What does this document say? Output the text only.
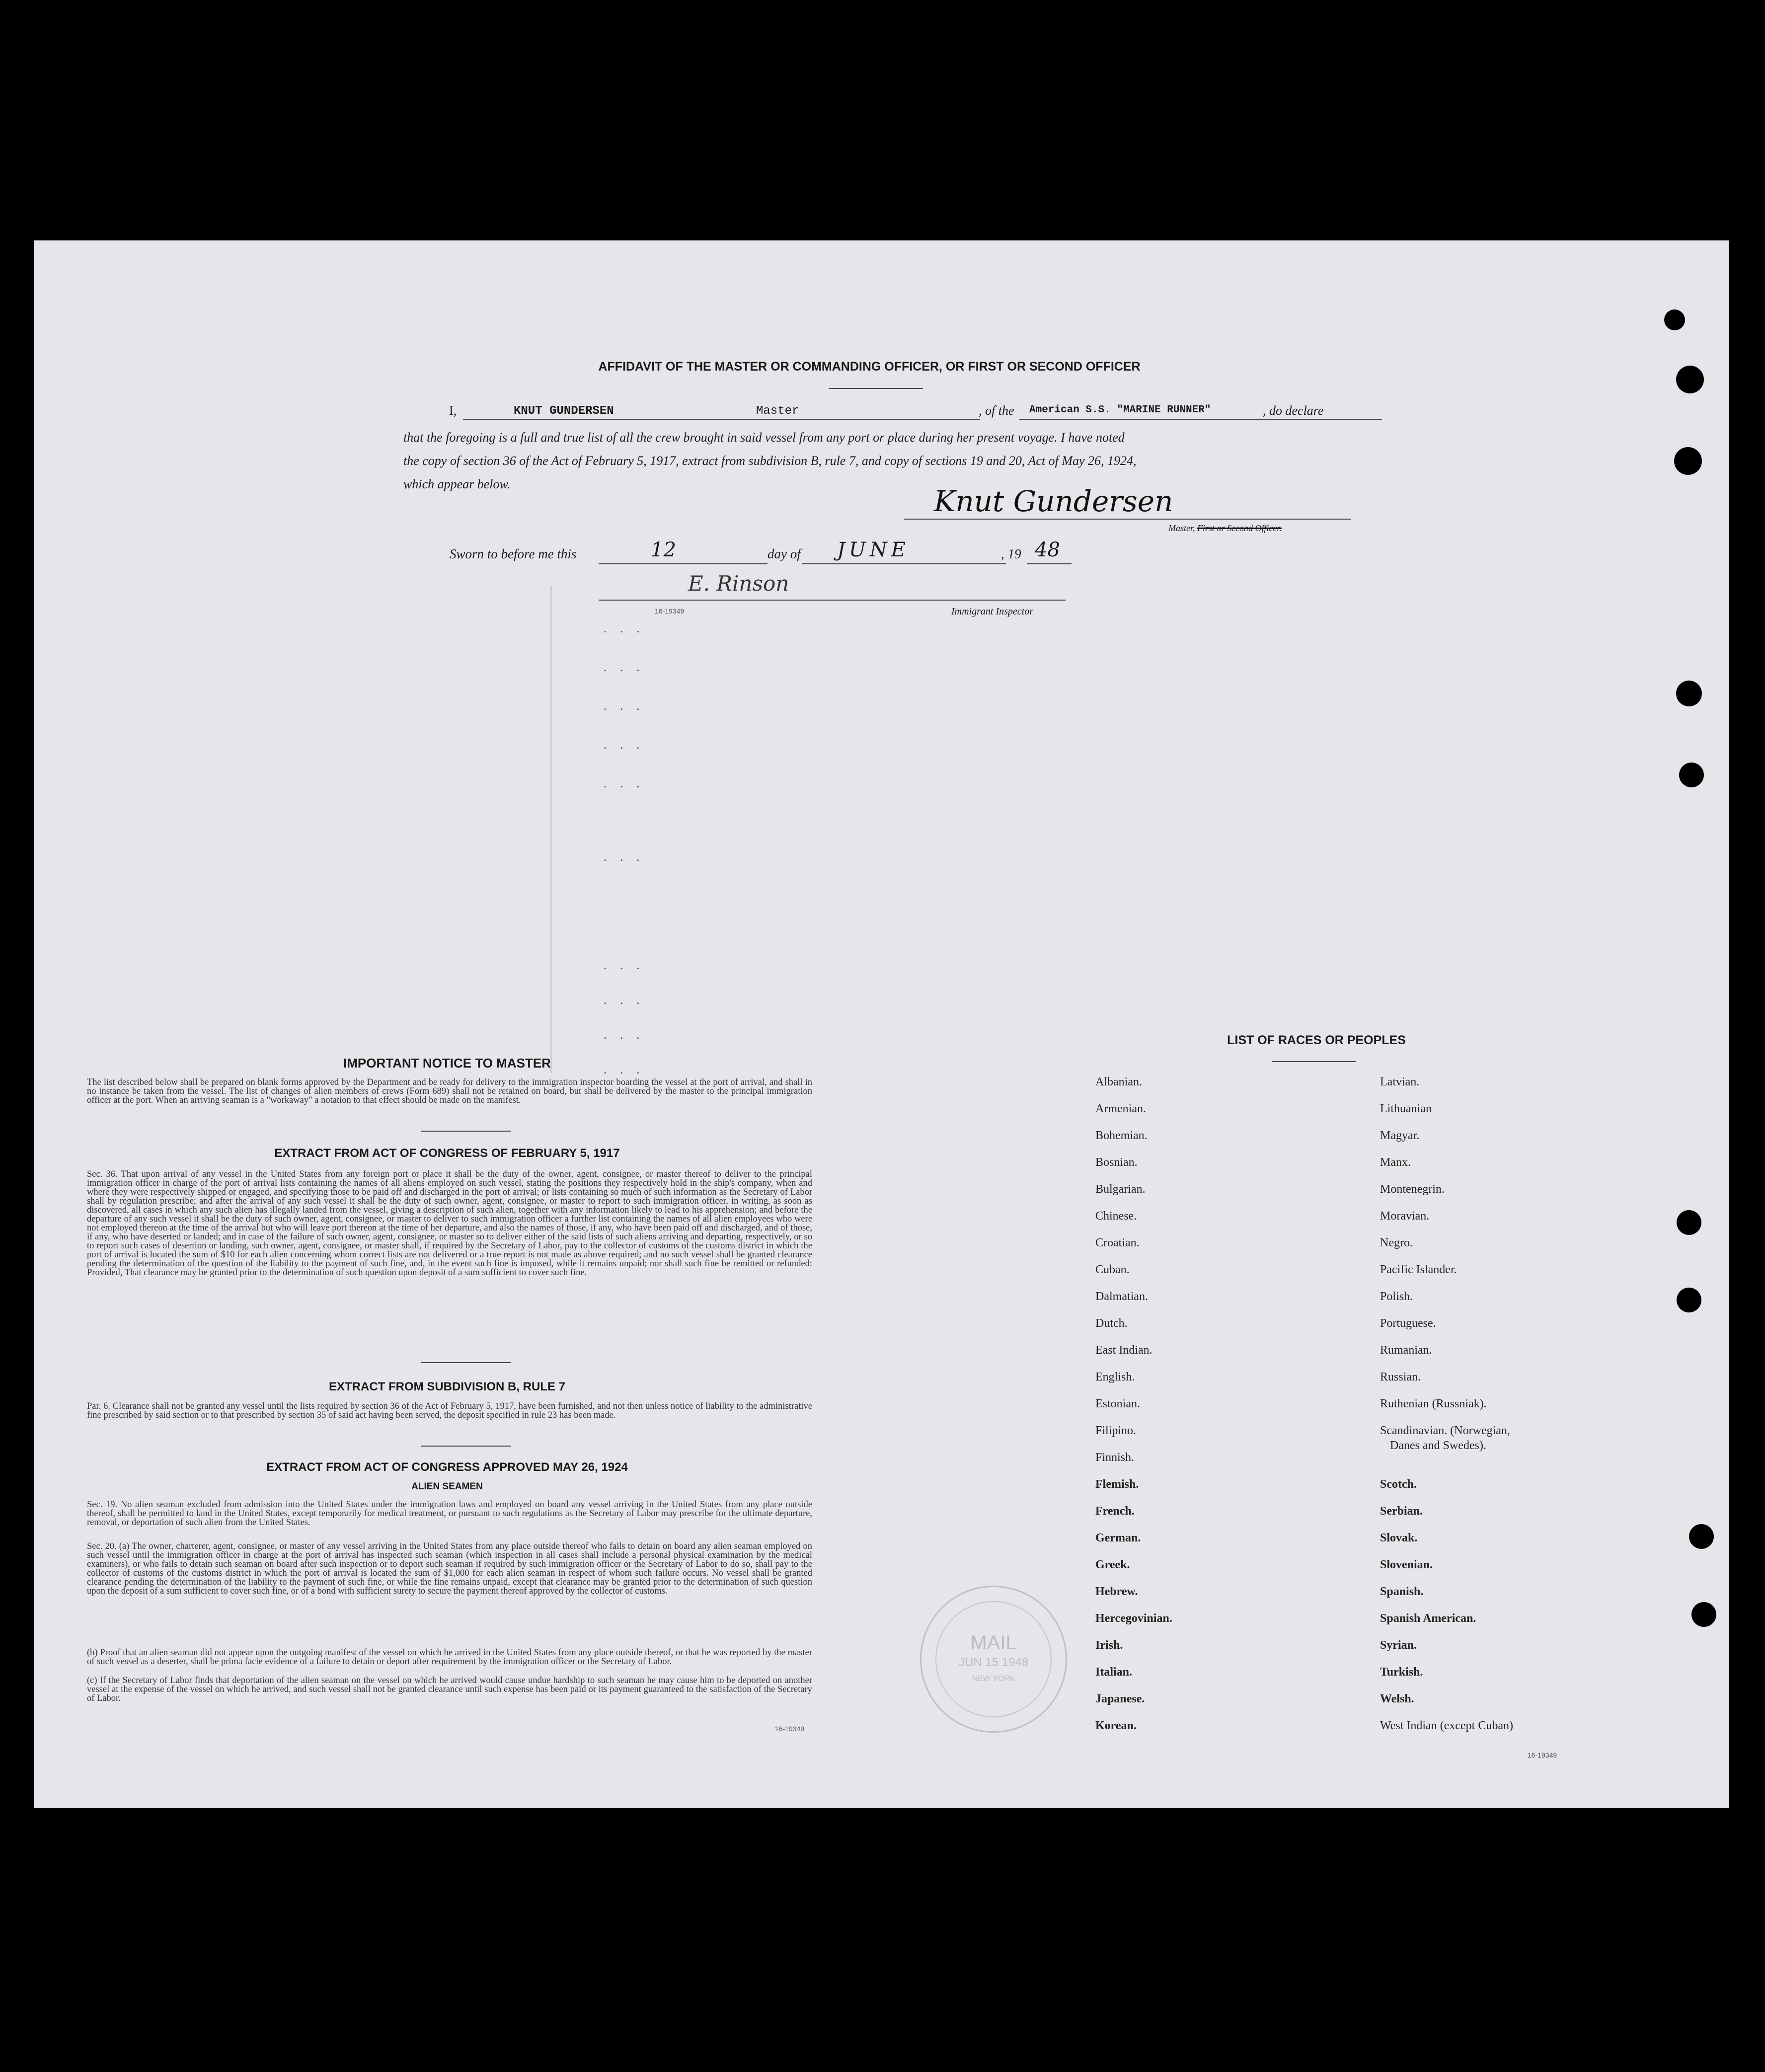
AFFIDAVIT OF THE MASTER OR COMMANDING OFFICER, OR FIRST OR SECOND OFFICER
I,	KNUT GUNDERSEN	Master	, of the American S.S. "MARINE RUNNER"	, do declare
that the foregoing is a full and true list of all the crew brought in said vessel from any port or place during her present voyage. I have noted
the copy of section 36 of the Act of February 5, 1917, extract from subdivision B, rule 7, and copy of sections 19 and 20, Act of May 26, 1924,
which appear below.
Knut Gundersen
Master, First or Second Officer.
Sworn to before me this	12	day of JUNE	, 19 48
E. Rinson
16-19349	Immigrant Inspector
. . .
. . .
. . .
. . .
. . .
. . .
. . .
. . .
. . .
. . .
IMPORTANT NOTICE TO MASTER
The list described below shall be prepared on blank forms approved by the Department and be ready for delivery to the immigration inspector boarding the vessel at the port of arrival, and shall in no instance be taken from the vessel. The list of changes of alien members of crews (Form 689) shall not be retained on board, but shall be delivered by the master to the principal immigration officer at the port. When an arriving seaman is a "workaway" a notation to that effect should be made on the manifest.
EXTRACT FROM ACT OF CONGRESS OF FEBRUARY 5, 1917
Sec. 36. That upon arrival of any vessel in the United States from any foreign port or place it shall be the duty of the owner, agent, consignee, or master thereof to deliver to the principal immigration officer in charge of the port of arrival lists containing the names of all aliens employed on such vessel, stating the positions they respectively hold in the ship's company, when and where they were respectively shipped or engaged, and specifying those to be paid off and discharged in the port of arrival; or lists containing so much of such information as the Secretary of Labor shall by regulation prescribe; and after the arrival of any such vessel it shall be the duty of such owner, agent, consignee, or master to report to such immigration officer, in writing, as soon as discovered, all cases in which any such alien has illegally landed from the vessel, giving a description of such alien, together with any information likely to lead to his apprehension; and before the departure of any such vessel it shall be the duty of such owner, agent, consignee, or master to deliver to such immigration officer a further list containing the names of all alien employees who were not employed thereon at the time of the arrival but who will leave port thereon at the time of her departure, and also the names of those, if any, who have been paid off and discharged, and of those, if any, who have deserted or landed; and in case of the failure of such owner, agent, consignee, or master so to deliver either of the said lists of such aliens arriving and departing, respectively, or so to report such cases of desertion or landing, such owner, agent, consignee, or master shall, if required by the Secretary of Labor, pay to the collector of customs of the customs district in which the port of arrival is located the sum of $10 for each alien concerning whom correct lists are not delivered or a true report is not made as above required; and no such vessel shall be granted clearance pending the determination of the question of the liability to the payment of such fine, and, in the event such fine is imposed, while it remains unpaid; nor shall such fine be remitted or refunded: Provided, That clearance may be granted prior to the determination of such question upon deposit of a sum sufficient to cover such fine.
EXTRACT FROM SUBDIVISION B, RULE 7
Par. 6. Clearance shall not be granted any vessel until the lists required by section 36 of the Act of February 5, 1917, have been furnished, and not then unless notice of liability to the administrative fine prescribed by said section or to that prescribed by section 35 of said act having been served, the deposit specified in rule 23 has been made.
EXTRACT FROM ACT OF CONGRESS APPROVED MAY 26, 1924
ALIEN SEAMEN
Sec. 19. No alien seaman excluded from admission into the United States under the immigration laws and employed on board any vessel arriving in the United States from any place outside thereof, shall be permitted to land in the United States, except temporarily for medical treatment, or pursuant to such regulations as the Secretary of Labor may prescribe for the ultimate departure, removal, or deportation of such alien from the United States.
Sec. 20. (a) The owner, charterer, agent, consignee, or master of any vessel arriving in the United States from any place outside thereof who fails to detain on board any alien seaman employed on such vessel until the immigration officer in charge at the port of arrival has inspected such seaman (which inspection in all cases shall include a personal physical examination by the medical examiners), or who fails to detain such seaman on board after such inspection or to deport such seaman if required by such immigration officer or the Secretary of Labor to do so, shall pay to the collector of customs of the customs district in which the port of arrival is located the sum of $1,000 for each alien seaman in respect of whom such failure occurs. No vessel shall be granted clearance pending the determination of the liability to the payment of such fine, or while the fine remains unpaid, except that clearance may be granted prior to the determination of such question upon the deposit of a sum sufficient to cover such fine, or of a bond with sufficient surety to secure the payment thereof approved by the collector of customs.
(b) Proof that an alien seaman did not appear upon the outgoing manifest of the vessel on which he arrived in the United States from any place outside thereof, or that he was reported by the master of such vessel as a deserter, shall be prima facie evidence of a failure to detain or deport after requirement by the immigration officer or the Secretary of Labor.
(c) If the Secretary of Labor finds that deportation of the alien seaman on the vessel on which he arrived would cause undue hardship to such seaman he may cause him to be deported on another vessel at the expense of the vessel on which he arrived, and such vessel shall not be granted clearance until such expense has been paid or its payment guaranteed to the satisfaction of the Secretary of Labor.
16-19349
MAIL
JUN 15 1948
NEW YORK
LIST OF RACES OR PEOPLES
Albanian.
Armenian.
Bohemian.
Bosnian.
Bulgarian.
Chinese.
Croatian.
Cuban.
Dalmatian.
Dutch.
East Indian.
English.
Estonian.
Filipino.
Finnish.
Flemish.
French.
German.
Greek.
Hebrew.
Hercegovinian.
Irish.
Italian.
Japanese.
Korean.
Latvian.
Lithuanian
Magyar.
Manx.
Montenegrin.
Moravian.
Negro.
Pacific Islander.
Polish.
Portuguese.
Rumanian.
Russian.
Ruthenian (Russniak).
Scandinavian. (Norwegian,
Danes and Swedes).
Scotch.
Serbian.
Slovak.
Slovenian.
Spanish.
Spanish American.
Syrian.
Turkish.
Welsh.
West Indian (except Cuban)
16-19349
